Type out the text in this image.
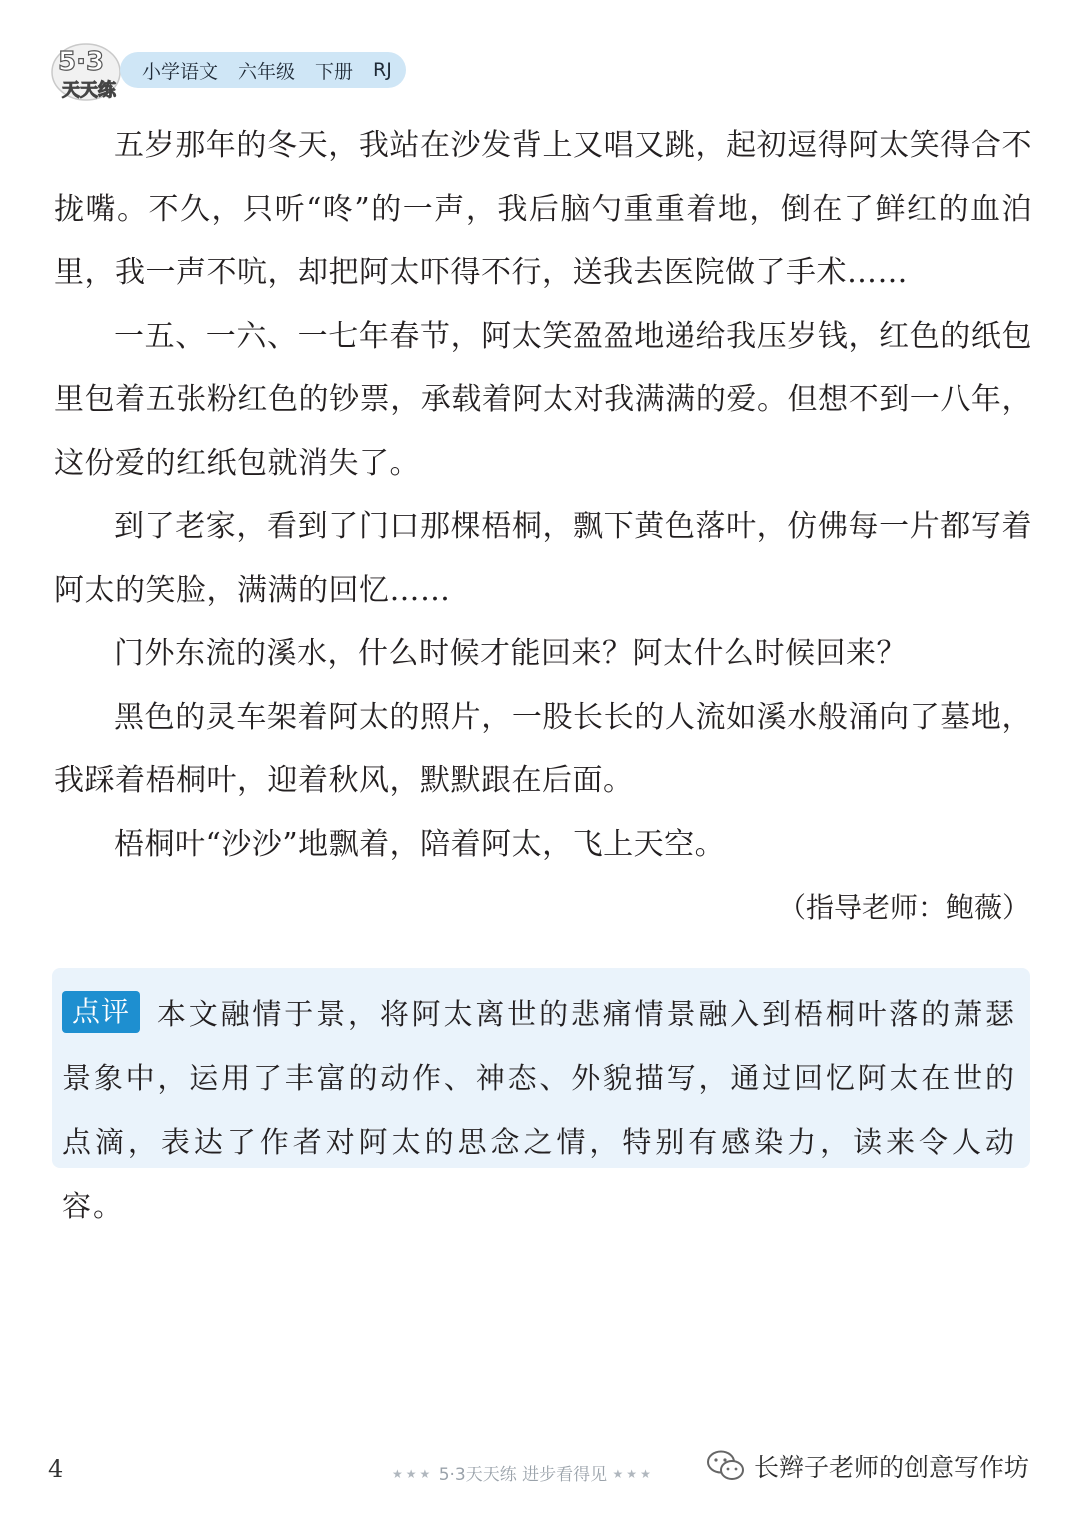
5·3
天天练
小学语文 六年级 下册 RJ

五岁那年的冬天，我站在沙发背上又唱又跳，起初逗得阿太笑得合不拢嘴。不久，只听“咚”的一声，我后脑勺重重着地，倒在了鲜红的血泊里，我一声不吭，却把阿太吓得不行，送我去医院做了手术……

一五、一六、一七年春节，阿太笑盈盈地递给我压岁钱，红色的纸包里包着五张粉红色的钞票，承载着阿太对我满满的爱。但想不到一八年，这份爱的红纸包就消失了。

到了老家，看到了门口那棵梧桐，飘下黄色落叶，仿佛每一片都写着阿太的笑脸，满满的回忆……

门外东流的溪水，什么时候才能回来？阿太什么时候回来？

黑色的灵车架着阿太的照片，一股长长的人流如溪水般涌向了墓地，我踩着梧桐叶，迎着秋风，默默跟在后面。

梧桐叶“沙沙”地飘着，陪着阿太，飞上天空。

（指导老师：鲍薇）

点评 本文融情于景，将阿太离世的悲痛情景融入到梧桐叶落的萧瑟景象中，运用了丰富的动作、神态、外貌描写，通过回忆阿太在世的点滴，表达了作者对阿太的思念之情，特别有感染力，读来令人动容。

4	★★★ 5·3天天练 进步看得见 ★★★	长辫子老师的创意写作坊
